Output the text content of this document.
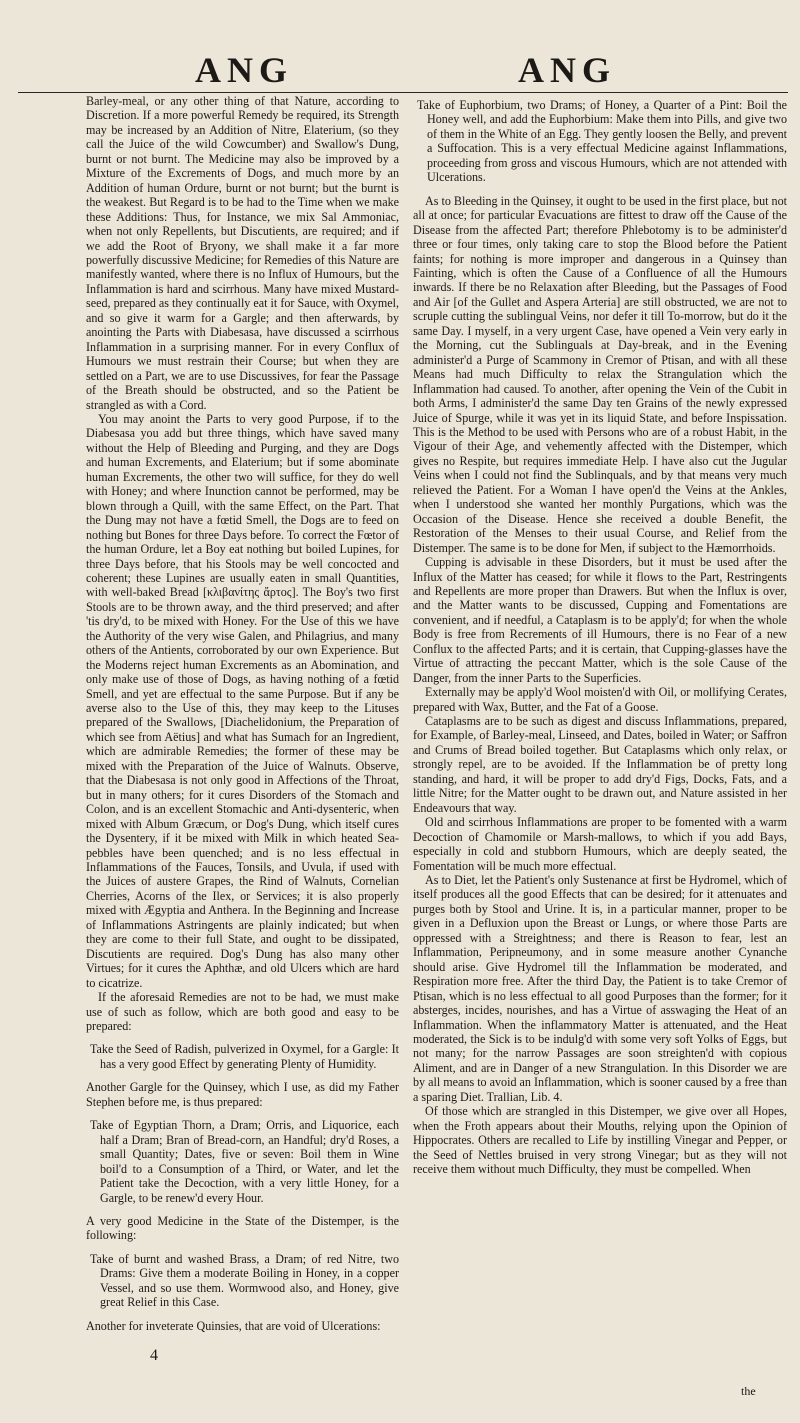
ANG	ANG

Barley-meal, or any other thing of that Nature, according to Discretion. If a more powerful Remedy be required, its Strength may be increased by an Addition of Nitre, Elaterium, (so they call the Juice of the wild Cowcumber) and Swallow's Dung, burnt or not burnt. The Medicine may also be improved by a Mixture of the Excrements of Dogs, and much more by an Addition of human Ordure, burnt or not burnt; but the burnt is the weakest. But Regard is to be had to the Time when we make these Additions: Thus, for Instance, we mix Sal Ammoniac, when not only Repellents, but Discutients, are required; and if we add the Root of Bryony, we shall make it a far more powerfully discussive Medicine; for Remedies of this Nature are manifestly wanted, where there is no Influx of Humours, but the Inflammation is hard and scirrhous. Many have mixed Mustard-seed, prepared as they continually eat it for Sauce, with Oxymel, and so give it warm for a Gargle; and then afterwards, by anointing the Parts with Diabesasa, have discussed a scirrhous Inflammation in a surprising manner. For in every Conflux of Humours we must restrain their Course; but when they are settled on a Part, we are to use Discussives, for fear the Passage of the Breath should be obstructed, and so the Patient be strangled as with a Cord.

You may anoint the Parts to very good Purpose, if to the Diabesasa you add but three things, which have saved many without the Help of Bleeding and Purging, and they are Dogs and human Excrements, and Elaterium; but if some abominate human Excrements, the other two will suffice, for they do well with Honey; and where Inunction cannot be performed, may be blown through a Quill, with the same Effect, on the Part. That the Dung may not have a fœtid Smell, the Dogs are to feed on nothing but Bones for three Days before. To correct the Fœtor of the human Ordure, let a Boy eat nothing but boiled Lupines, for three Days before, that his Stools may be well concocted and coherent; these Lupines are usually eaten in small Quantities, with well-baked Bread [κλιβανίτης ἄρτος]. The Boy's two first Stools are to be thrown away, and the third preserved; and after 'tis dry'd, to be mixed with Honey. For the Use of this we have the Authority of the very wise Galen, and Philagrius, and many others of the Antients, corroborated by our own Experience. But the Moderns reject human Excrements as an Abomination, and only make use of those of Dogs, as having nothing of a fœtid Smell, and yet are effectual to the same Purpose. But if any be averse also to the Use of this, they may keep to the Lituses prepared of the Swallows, [Diachelidonium, the Preparation of which see from Aëtius] and what has Sumach for an Ingredient, which are admirable Remedies; the former of these may be mixed with the Preparation of the Juice of Walnuts. Observe, that the Diabesasa is not only good in Affections of the Throat, but in many others; for it cures Disorders of the Stomach and Colon, and is an excellent Stomachic and Anti-dysenteric, when mixed with Album Græcum, or Dog's Dung, which itself cures the Dysentery, if it be mixed with Milk in which heated Sea-pebbles have been quenched; and is no less effectual in Inflammations of the Fauces, Tonsils, and Uvula, if used with the Juices of austere Grapes, the Rind of Walnuts, Cornelian Cherries, Acorns of the Ilex, or Services; it is also properly mixed with Ægyptia and Anthera. In the Beginning and Increase of Inflammations Astringents are plainly indicated; but when they are come to their full State, and ought to be dissipated, Discutients are required. Dog's Dung has also many other Virtues; for it cures the Aphthæ, and old Ulcers which are hard to cicatrize.

If the aforesaid Remedies are not to be had, we must make use of such as follow, which are both good and easy to be prepared:

Take the Seed of Radish, pulverized in Oxymel, for a Gargle: It has a very good Effect by generating Plenty of Humidity.

Another Gargle for the Quinsey, which I use, as did my Father Stephen before me, is thus prepared:

Take of Egyptian Thorn, a Dram; Orris, and Liquorice, each half a Dram; Bran of Bread-corn, an Handful; dry'd Roses, a small Quantity; Dates, five or seven: Boil them in Wine boil'd to a Consumption of a Third, or Water, and let the Patient take the Decoction, with a very little Honey, for a Gargle, to be renew'd every Hour.

A very good Medicine in the State of the Distemper, is the following:

Take of burnt and washed Brass, a Dram; of red Nitre, two Drams: Give them a moderate Boiling in Honey, in a copper Vessel, and so use them. Wormwood also, and Honey, give great Relief in this Case.

Another for inveterate Quinsies, that are void of Ulcerations:

Take of Euphorbium, two Drams; of Honey, a Quarter of a Pint: Boil the Honey well, and add the Euphorbium: Make them into Pills, and give two of them in the White of an Egg. They gently loosen the Belly, and prevent a Suffocation. This is a very effectual Medicine against Inflammations, proceeding from gross and viscous Humours, which are not attended with Ulcerations.

As to Bleeding in the Quinsey, it ought to be used in the first place, but not all at once; for particular Evacuations are fittest to draw off the Cause of the Disease from the affected Part; therefore Phlebotomy is to be administer'd three or four times, only taking care to stop the Blood before the Patient faints; for nothing is more improper and dangerous in a Quinsey than Fainting, which is often the Cause of a Confluence of all the Humours inwards. If there be no Relaxation after Bleeding, but the Passages of Food and Air [of the Gullet and Aspera Arteria] are still obstructed, we are not to scruple cutting the sublingual Veins, nor defer it till To-morrow, but do it the same Day. I myself, in a very urgent Case, have opened a Vein very early in the Morning, cut the Sublinguals at Day-break, and in the Evening administer'd a Purge of Scammony in Cremor of Ptisan, and with all these Means had much Difficulty to relax the Strangulation which the Inflammation had caused. To another, after opening the Vein of the Cubit in both Arms, I administer'd the same Day ten Grains of the newly expressed Juice of Spurge, while it was yet in its liquid State, and before Inspissation. This is the Method to be used with Persons who are of a robust Habit, in the Vigour of their Age, and vehemently affected with the Distemper, which gives no Respite, but requires immediate Help. I have also cut the Jugular Veins when I could not find the Sublinquals, and by that means very much relieved the Patient. For a Woman I have open'd the Veins at the Ankles, when I understood she wanted her monthly Purgations, which was the Occasion of the Disease. Hence she received a double Benefit, the Restoration of the Menses to their usual Course, and Relief from the Distemper. The same is to be done for Men, if subject to the Hæmorrhoids.

Cupping is advisable in these Disorders, but it must be used after the Influx of the Matter has ceased; for while it flows to the Part, Restringents and Repellents are more proper than Drawers. But when the Influx is over, and the Matter wants to be discussed, Cupping and Fomentations are convenient, and if needful, a Cataplasm is to be apply'd; for when the whole Body is free from Recrements of ill Humours, there is no Fear of a new Conflux to the affected Parts; and it is certain, that Cupping-glasses have the Virtue of attracting the peccant Matter, which is the sole Cause of the Danger, from the inner Parts to the Superficies.

Externally may be apply'd Wool moisten'd with Oil, or mollifying Cerates, prepared with Wax, Butter, and the Fat of a Goose.

Cataplasms are to be such as digest and discuss Inflammations, prepared, for Example, of Barley-meal, Linseed, and Dates, boiled in Water; or Saffron and Crums of Bread boiled together. But Cataplasms which only relax, or strongly repel, are to be avoided. If the Inflammation be of pretty long standing, and hard, it will be proper to add dry'd Figs, Docks, Fats, and a little Nitre; for the Matter ought to be drawn out, and Nature assisted in her Endeavours that way.

Old and scirrhous Inflammations are proper to be fomented with a warm Decoction of Chamomile or Marsh-mallows, to which if you add Bays, especially in cold and stubborn Humours, which are deeply seated, the Fomentation will be much more effectual.

As to Diet, let the Patient's only Sustenance at first be Hydromel, which of itself produces all the good Effects that can be desired; for it attenuates and purges both by Stool and Urine. It is, in a particular manner, proper to be given in a Defluxion upon the Breast or Lungs, or where those Parts are oppressed with a Streightness; and there is Reason to fear, lest an Inflammation, Peripneumony, and in some measure another Cynanche should arise. Give Hydromel till the Inflammation be moderated, and Respiration more free. After the third Day, the Patient is to take Cremor of Ptisan, which is no less effectual to all good Purposes than the former; for it absterges, incides, nourishes, and has a Virtue of asswaging the Heat of an Inflammation. When the inflammatory Matter is attenuated, and the Heat moderated, the Sick is to be indulg'd with some very soft Yolks of Eggs, but not many; for the narrow Passages are soon streighten'd with copious Aliment, and are in Danger of a new Strangulation. In this Disorder we are by all means to avoid an Inflammation, which is sooner caused by a free than a sparing Diet. Trallian, Lib. 4.

Of those which are strangled in this Distemper, we give over all Hopes, when the Froth appears about their Mouths, relying upon the Opinion of Hippocrates. Others are recalled to Life by instilling Vinegar and Pepper, or the Seed of Nettles bruised in very strong Vinegar; but as they will not receive them without much Difficulty, they must be compelled. When

4
the
